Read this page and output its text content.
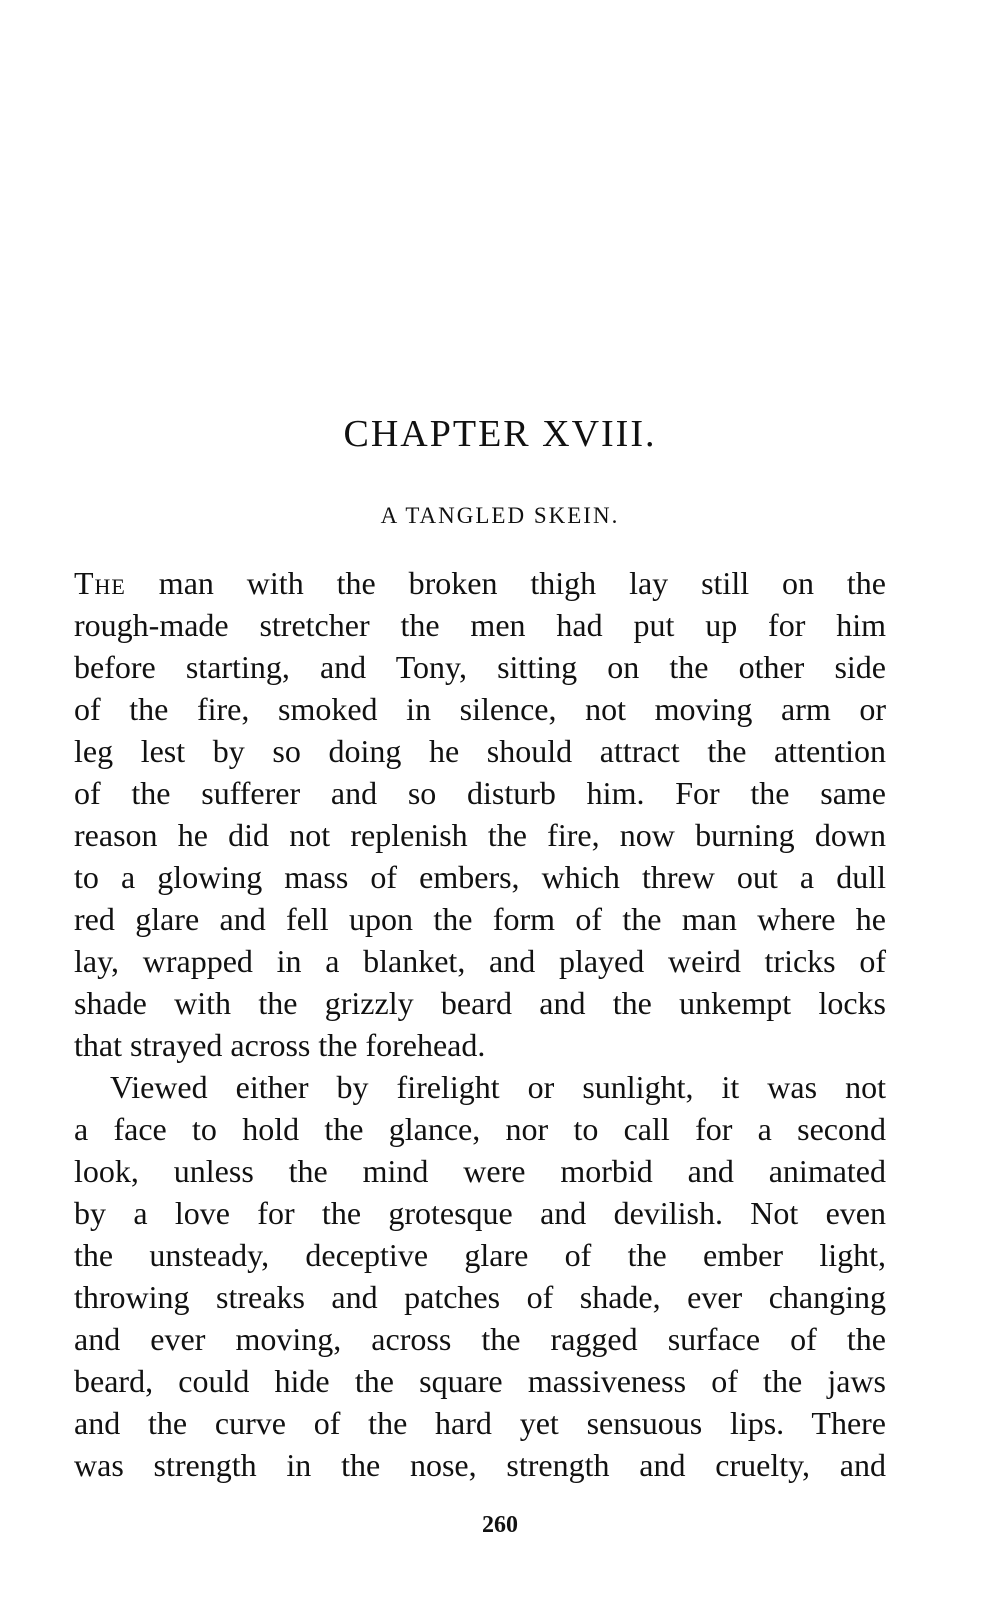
CHAPTER XVIII.
A TANGLED SKEIN.
The man with the broken thigh lay still on the
rough-made stretcher the men had put up for him
before starting, and Tony, sitting on the other side
of the fire, smoked in silence, not moving arm or
leg lest by so doing he should attract the attention
of the sufferer and so disturb him. For the same
reason he did not replenish the fire, now burning down
to a glowing mass of embers, which threw out a dull
red glare and fell upon the form of the man where he
lay, wrapped in a blanket, and played weird tricks of
shade with the grizzly beard and the unkempt locks
that strayed across the forehead.
Viewed either by firelight or sunlight, it was not
a face to hold the glance, nor to call for a second
look, unless the mind were morbid and animated
by a love for the grotesque and devilish. Not even
the unsteady, deceptive glare of the ember light,
throwing streaks and patches of shade, ever changing
and ever moving, across the ragged surface of the
beard, could hide the square massiveness of the jaws
and the curve of the hard yet sensuous lips. There
was strength in the nose, strength and cruelty, and
260
